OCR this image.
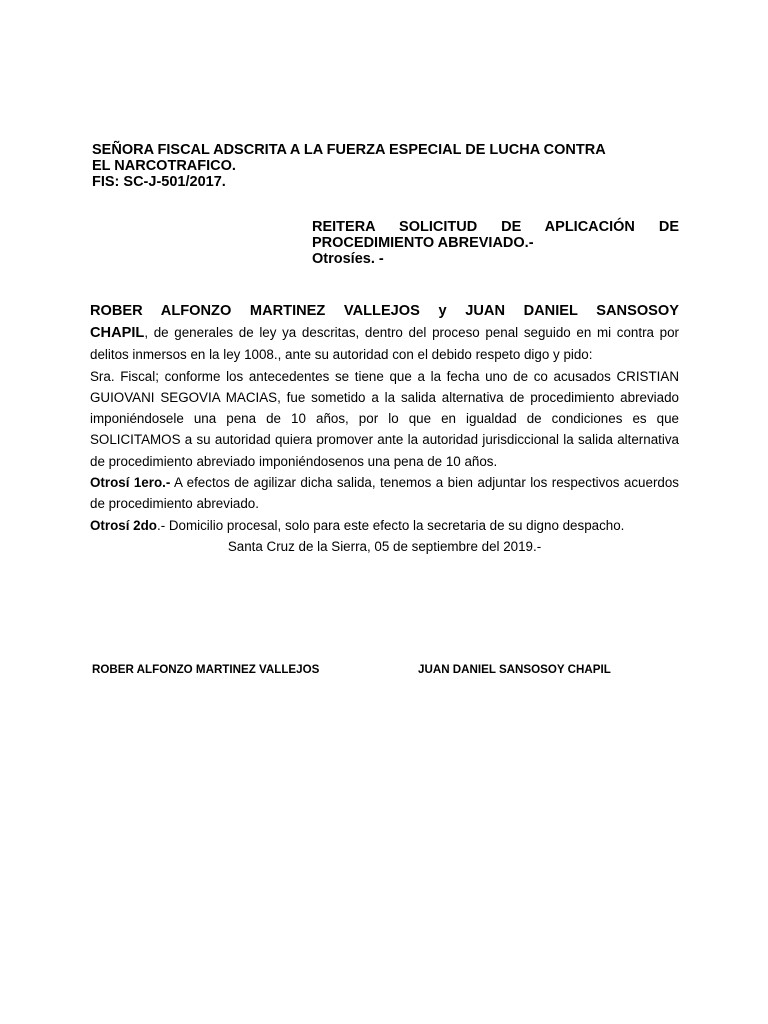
SEÑORA FISCAL ADSCRITA A LA FUERZA ESPECIAL DE LUCHA CONTRA
EL NARCOTRAFICO.
FIS: SC-J-501/2017.
REITERA SOLICITUD DE APLICACIÓN DE
PROCEDIMIENTO ABREVIADO.-
Otrosíes. -
ROBER ALFONZO MARTINEZ VALLEJOS y JUAN DANIEL SANSOSOY

CHAPIL, de generales de ley ya descritas, dentro del proceso penal seguido en mi contra por delitos inmersos en la ley 1008., ante su autoridad con el debido respeto digo y pido:

Sra. Fiscal; conforme los antecedentes se tiene que a la fecha uno de co acusados CRISTIAN GUIOVANI SEGOVIA MACIAS, fue sometido a la salida alternativa de procedimiento abreviado imponiéndosele una pena de 10 años, por lo que en igualdad de condiciones es que SOLICITAMOS a su autoridad quiera promover ante la autoridad jurisdiccional la salida alternativa de procedimiento abreviado imponiéndosenos una pena de 10 años.

Otrosí 1ero.- A efectos de agilizar dicha salida, tenemos a bien adjuntar los respectivos acuerdos de procedimiento abreviado.

Otrosí 2do.- Domicilio procesal, solo para este efecto la secretaria de su digno despacho.

Santa Cruz de la Sierra, 05 de septiembre del 2019.-

ROBER ALFONZO MARTINEZ VALLEJOS	JUAN DANIEL SANSOSOY CHAPIL
